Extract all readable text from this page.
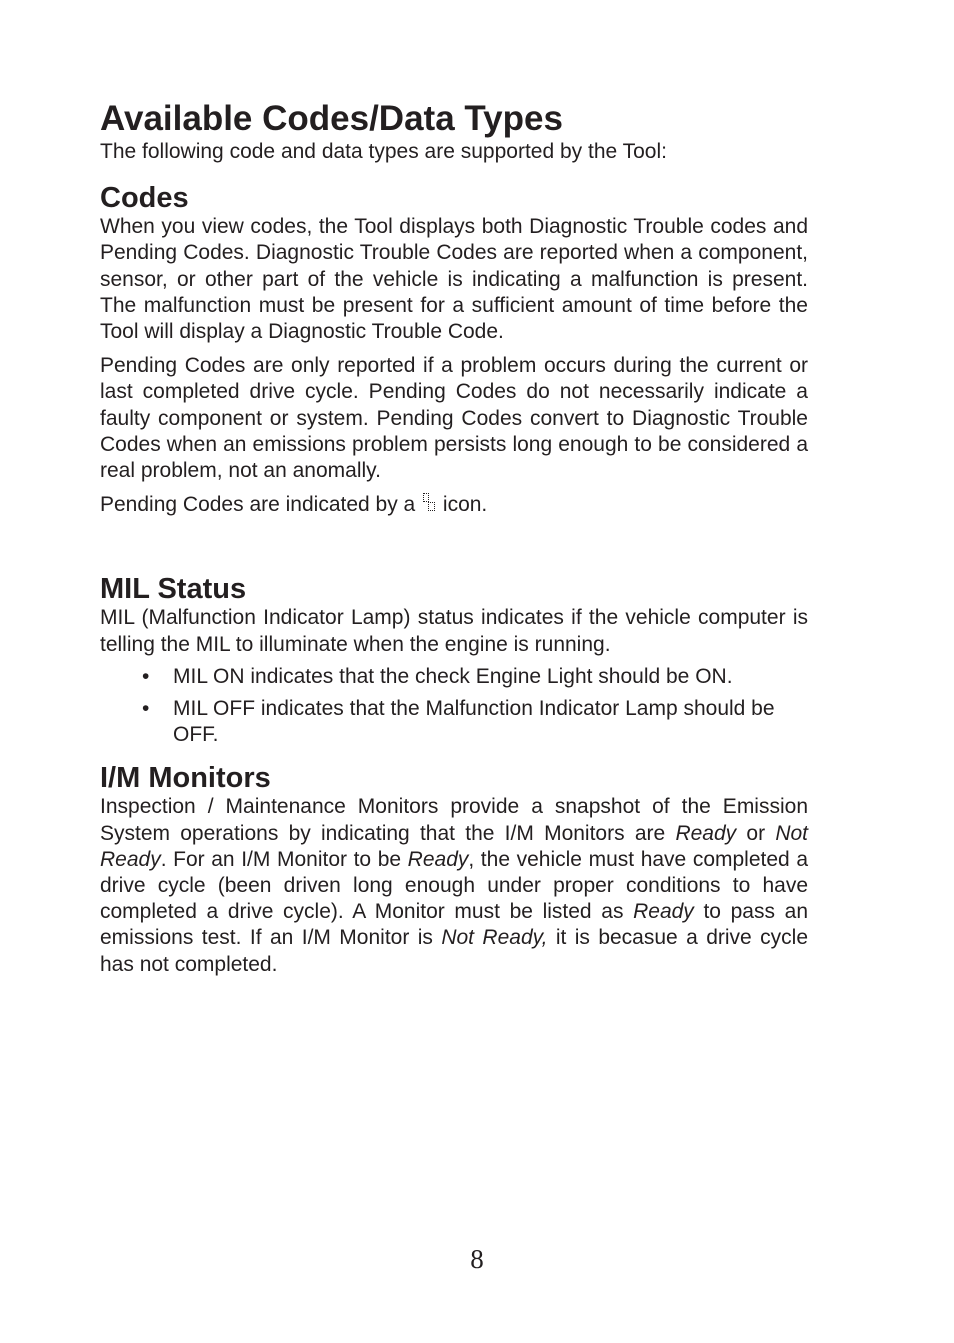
Available Codes/Data Types

The following code and data types are supported by the Tool:

Codes

When you view codes, the Tool displays both Diagnostic Trouble codes and Pending Codes. Diagnostic Trouble Codes are reported when a component, sensor, or other part of the vehicle is indicating a malfunction is present. The malfunction must be present for a sufficient amount of time before the Tool will display a Diagnostic Trouble Code.

Pending Codes are only reported if a problem occurs during the current or last completed drive cycle. Pending Codes do not necessarily indicate a faulty component or system. Pending Codes convert to Diagnostic Trouble Codes when an emissions problem persists long enough to be considered a real problem, not an anomally.

Pending Codes are indicated by a icon.

MIL Status

MIL (Malfunction Indicator Lamp) status indicates if the vehicle computer is telling the MIL to illuminate when the engine is running.

• MIL ON indicates that the check Engine Light should be ON.
• MIL OFF indicates that the Malfunction Indicator Lamp should be OFF.
I/M Monitors

Inspection / Maintenance Monitors provide a snapshot of the Emission System operations by indicating that the I/M Monitors are Ready or Not Ready. For an I/M Monitor to be Ready, the vehicle must have completed a drive cycle (been driven long enough under proper conditions to have completed a drive cycle). A Monitor must be listed as Ready to pass an emissions test. If an I/M Monitor is Not Ready, it is becasue a drive cycle has not completed.

8
